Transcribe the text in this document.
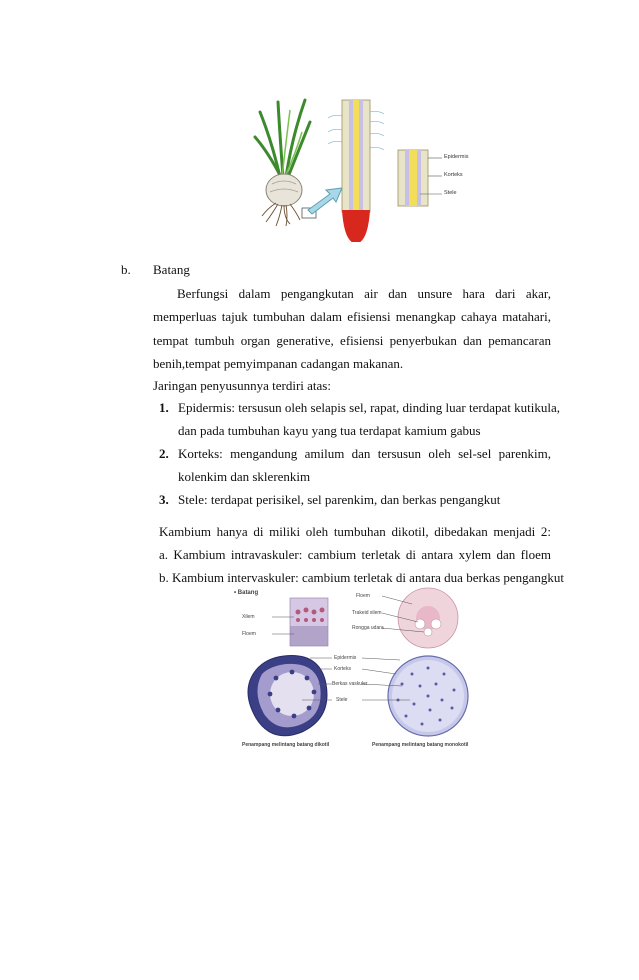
Epidermis
Korteks
Stele
b. Batang
Berfungsi dalam pengangkutan air dan unsure hara dari akar,
memperluas tajuk tumbuhan dalam efisiensi menangkap cahaya matahari,
tempat tumbuh organ generative, efisiensi penyerbukan dan pemancaran
benih,tempat pemyimpanan cadangan makanan.
Jaringan penyusunnya terdiri atas:
1. Epidermis: tersusun oleh selapis sel, rapat, dinding luar terdapat kutikula,
dan pada tumbuhan kayu yang tua terdapat kamium gabus
2. Korteks: mengandung amilum dan tersusun oleh sel-sel parenkim,
kolenkim dan sklerenkim
3. Stele: terdapat perisikel, sel parenkim, dan berkas pengangkut
Kambium hanya di miliki oleh tumbuhan dikotil, dibedakan menjadi 2:
a. Kambium intravaskuler: cambium terletak di antara xylem dan floem
b. Kambium intervaskuler: cambium terletak di antara dua berkas pengangkut
• Batang
Xilem
Floem
Floem
Trakeid xilem
Rongga udara
Epidermis
Korteks
Berkas vaskuler
Stele
Penampang melintang batang dikotil	Penampang melintang batang monokotil
